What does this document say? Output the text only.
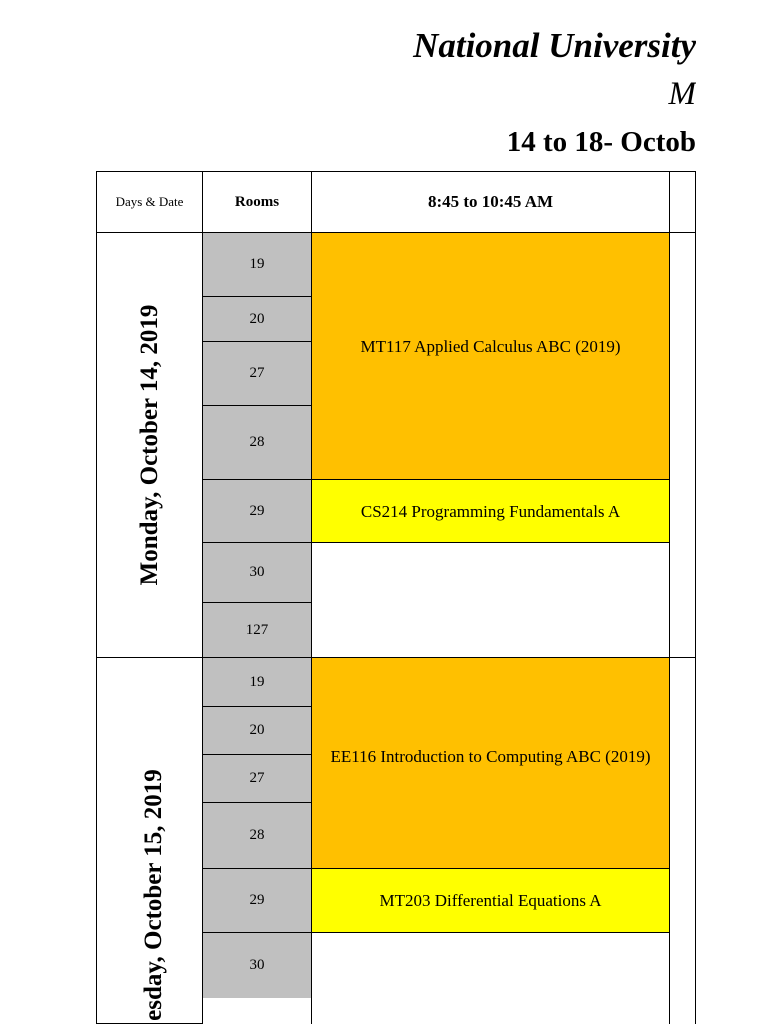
National University
M
14 to 18- Octob
Days & Date	Rooms	8:45 to 10:45 AM
Monday, October 14, 2019
19
20
27
28
29
30
127
MT117 Applied Calculus ABC (2019)
CS214 Programming Fundamentals A
esday, October 15, 2019
19
20
27
28
29
30
EE116 Introduction to Computing ABC (2019)
MT203 Differential Equations A
